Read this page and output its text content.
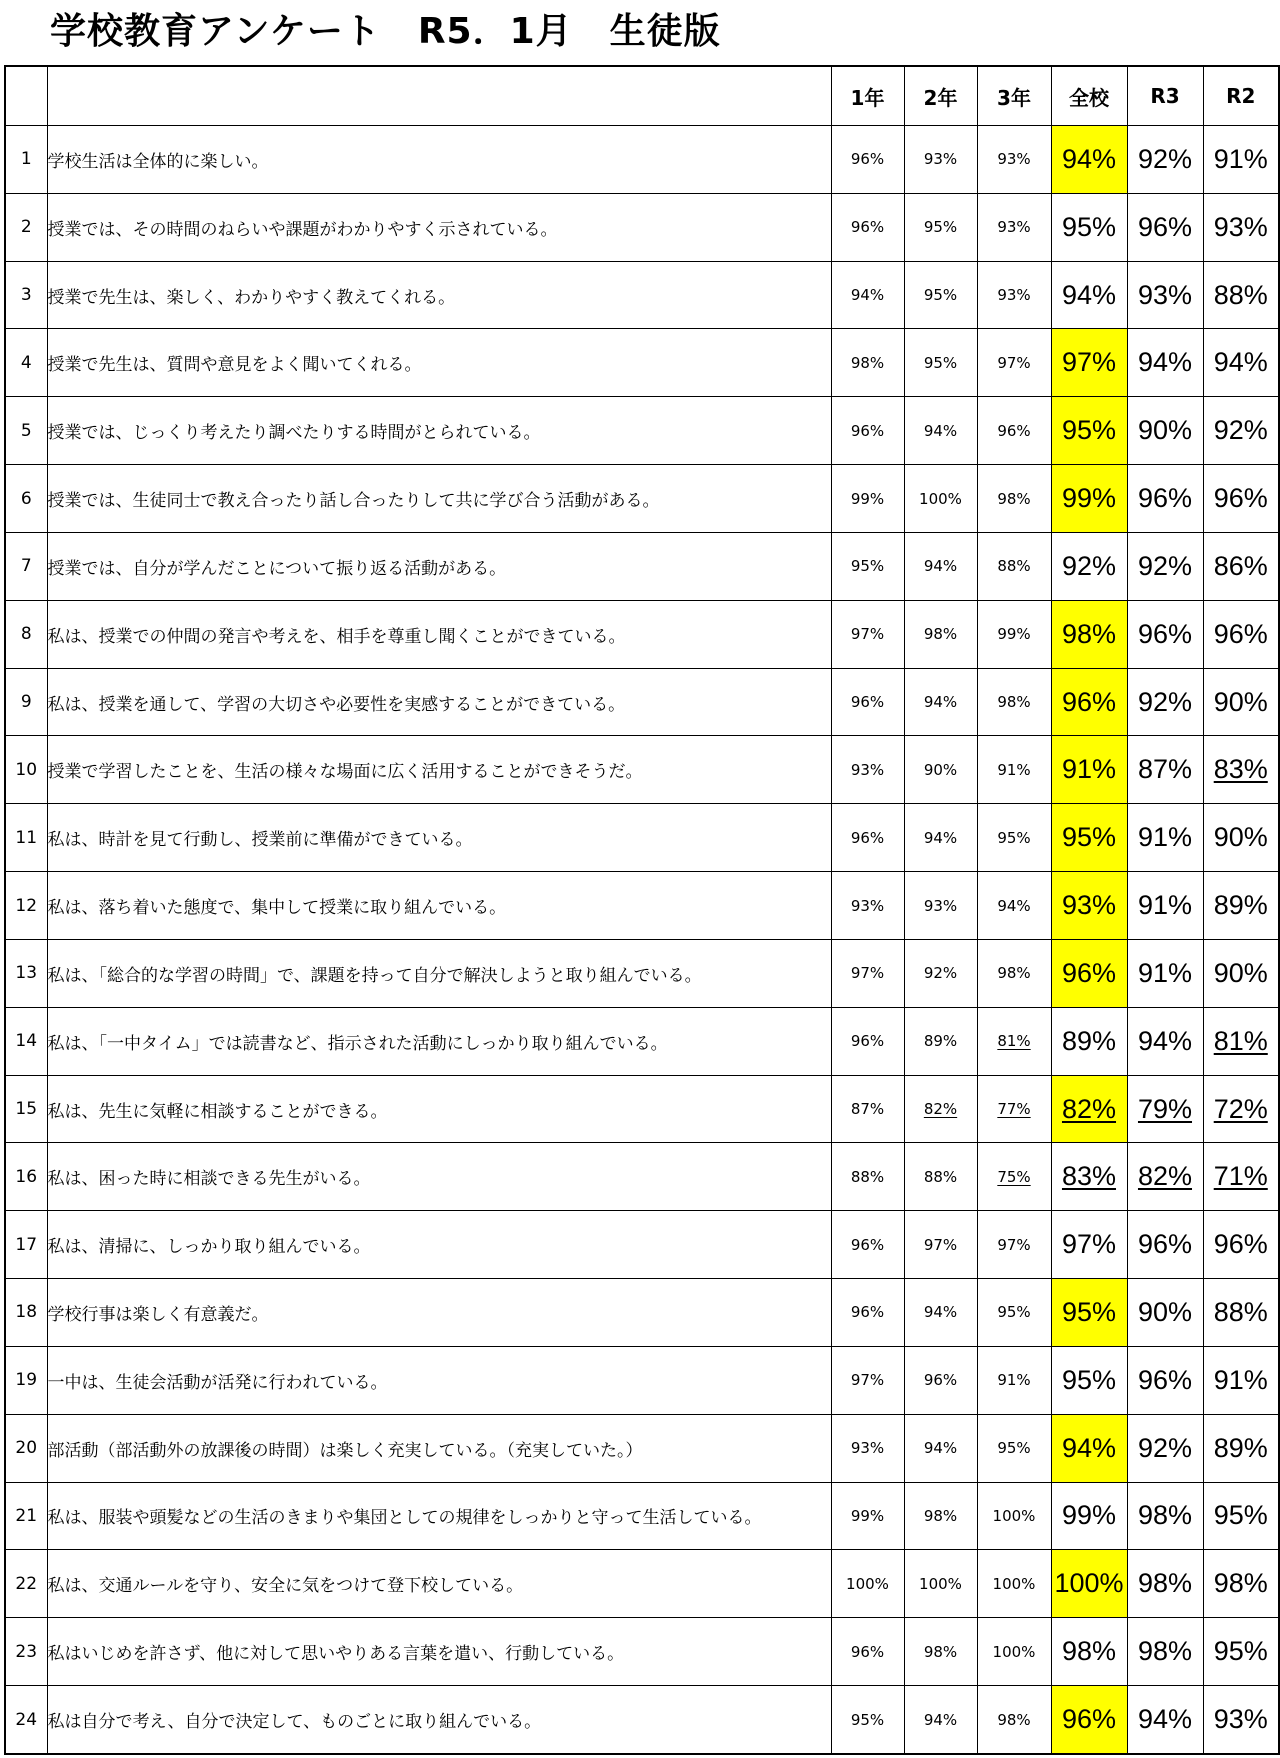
学校教育アンケート　R5．1月　生徒版
		1年	2年	3年	全校	R3	R2
1	学校生活は全体的に楽しい。	96%	93%	93%	94%	92%	91%
2	授業では、その時間のねらいや課題がわかりやすく示されている。	96%	95%	93%	95%	96%	93%
3	授業で先生は、楽しく、わかりやすく教えてくれる。	94%	95%	93%	94%	93%	88%
4	授業で先生は、質問や意見をよく聞いてくれる。	98%	95%	97%	97%	94%	94%
5	授業では、じっくり考えたり調べたりする時間がとられている。	96%	94%	96%	95%	90%	92%
6	授業では、生徒同士で教え合ったり話し合ったりして共に学び合う活動がある。	99%	100%	98%	99%	96%	96%
7	授業では、自分が学んだことについて振り返る活動がある。	95%	94%	88%	92%	92%	86%
8	私は、授業での仲間の発言や考えを、相手を尊重し聞くことができている。	97%	98%	99%	98%	96%	96%
9	私は、授業を通して、学習の大切さや必要性を実感することができている。	96%	94%	98%	96%	92%	90%
10	授業で学習したことを、生活の様々な場面に広く活用することができそうだ。	93%	90%	91%	91%	87%	83%
11	私は、時計を見て行動し、授業前に準備ができている。	96%	94%	95%	95%	91%	90%
12	私は、落ち着いた態度で、集中して授業に取り組んでいる。	93%	93%	94%	93%	91%	89%
13	私は、「総合的な学習の時間」で、課題を持って自分で解決しようと取り組んでいる。	97%	92%	98%	96%	91%	90%
14	私は、「一中タイム」では読書など、指示された活動にしっかり取り組んでいる。	96%	89%	81%	89%	94%	81%
15	私は、先生に気軽に相談することができる。	87%	82%	77%	82%	79%	72%
16	私は、困った時に相談できる先生がいる。	88%	88%	75%	83%	82%	71%
17	私は、清掃に、しっかり取り組んでいる。	96%	97%	97%	97%	96%	96%
18	学校行事は楽しく有意義だ。	96%	94%	95%	95%	90%	88%
19	一中は、生徒会活動が活発に行われている。	97%	96%	91%	95%	96%	91%
20	部活動（部活動外の放課後の時間）は楽しく充実している。（充実していた。）	93%	94%	95%	94%	92%	89%
21	私は、服装や頭髪などの生活のきまりや集団としての規律をしっかりと守って生活している。	99%	98%	100%	99%	98%	95%
22	私は、交通ルールを守り、安全に気をつけて登下校している。	100%	100%	100%	100%	98%	98%
23	私はいじめを許さず、他に対して思いやりある言葉を遣い、行動している。	96%	98%	100%	98%	98%	95%
24	私は自分で考え、自分で決定して、ものごとに取り組んでいる。	95%	94%	98%	96%	94%	93%
